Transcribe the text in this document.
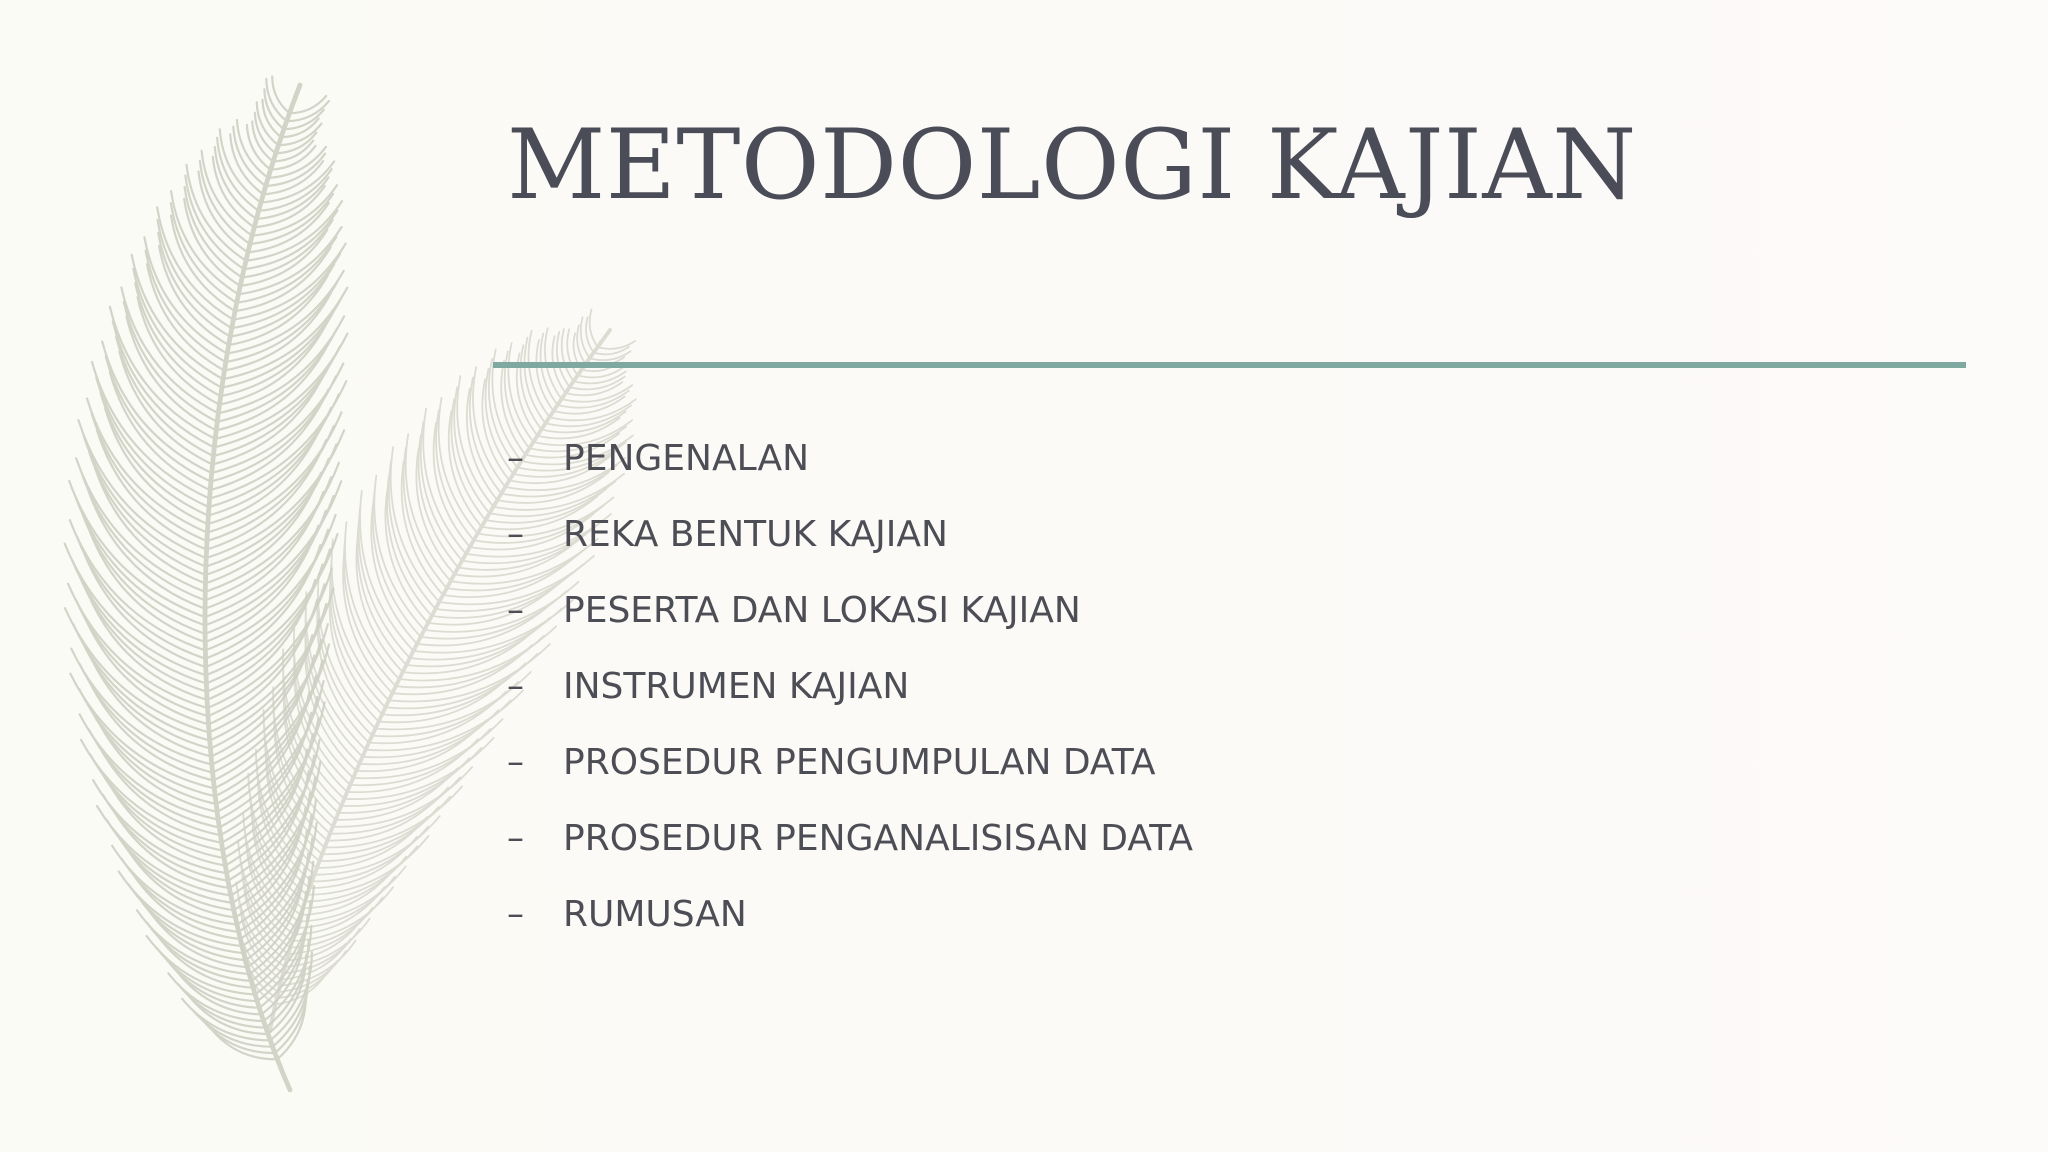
METODOLOGI KAJIAN
–	PENGENALAN
–	REKA BENTUK KAJIAN
–	PESERTA DAN LOKASI KAJIAN
–	INSTRUMEN KAJIAN
–	PROSEDUR PENGUMPULAN DATA
–	PROSEDUR PENGANALISISAN DATA
–	RUMUSAN
